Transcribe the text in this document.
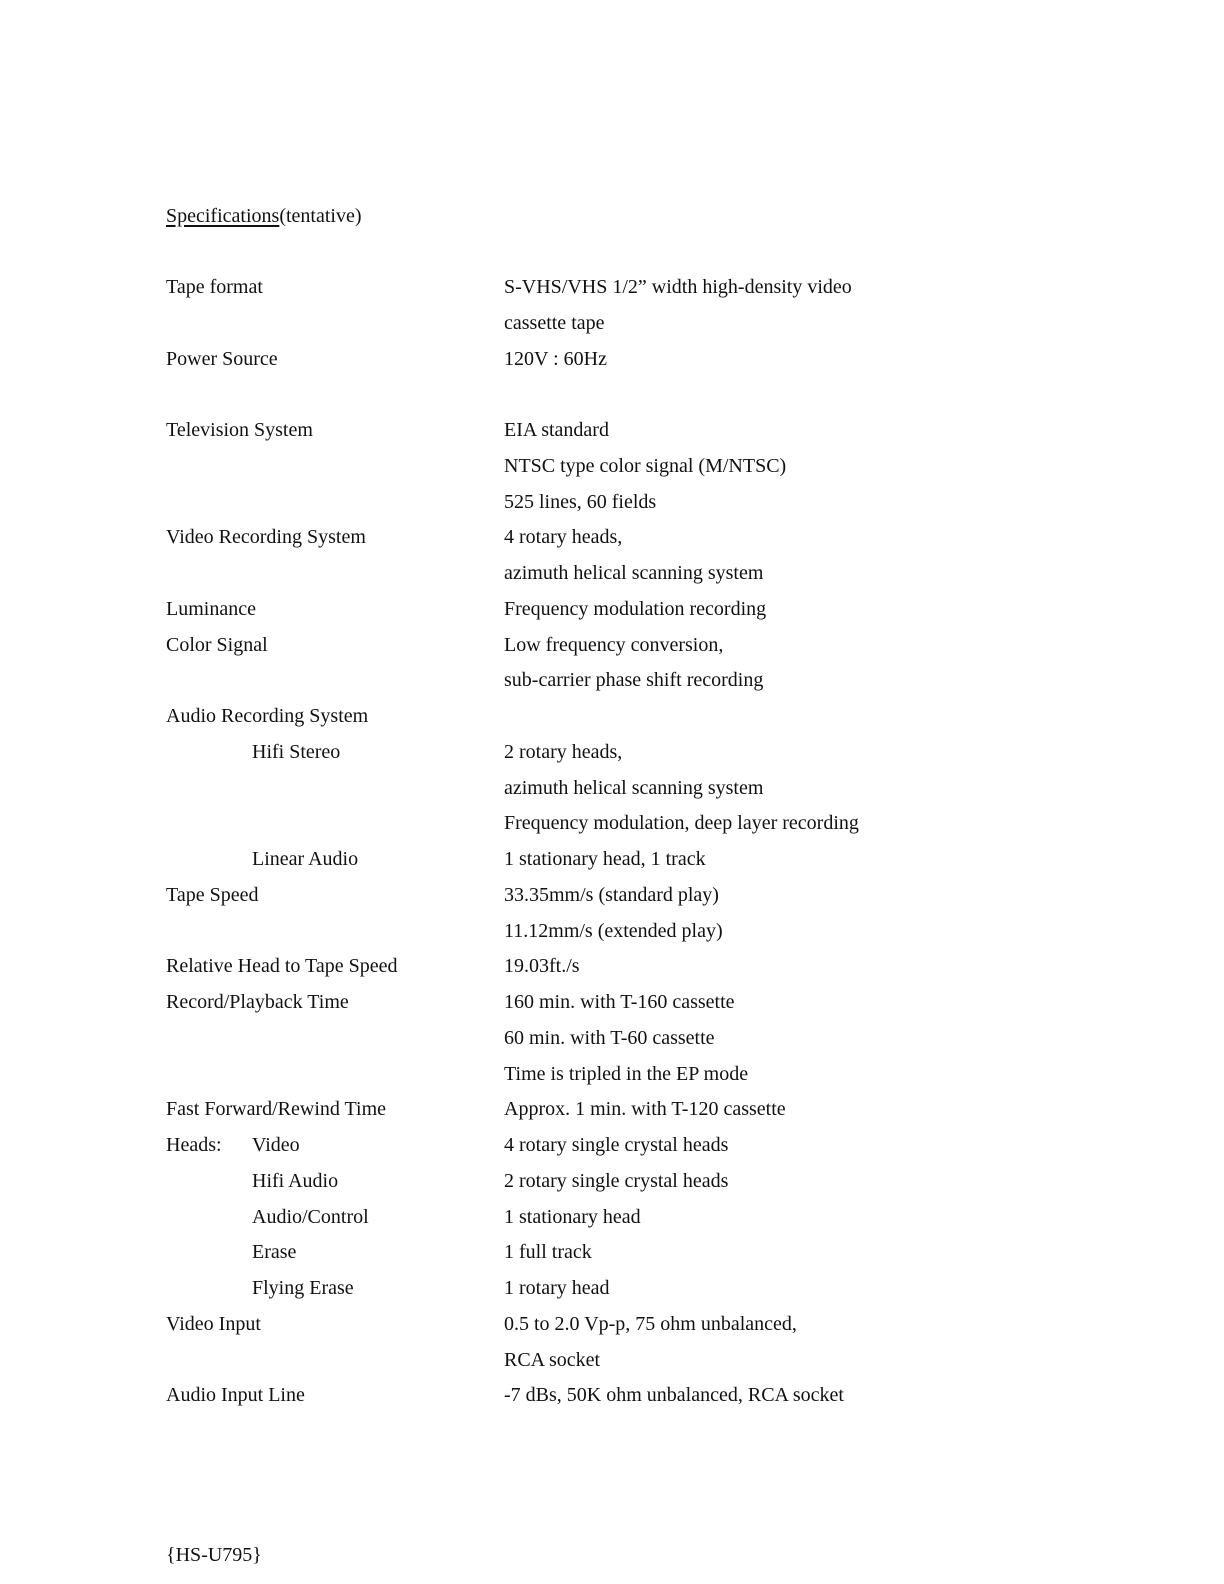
Specifications(tentative)
Tape format	S-VHS/VHS 1/2” width high-density video
cassette tape
Power Source	120V : 60Hz
Television System	EIA standard
NTSC type color signal (M/NTSC)
525 lines, 60 fields
Video Recording System	4 rotary heads,
azimuth helical scanning system
Luminance	Frequency modulation recording
Color Signal	Low frequency conversion,
sub-carrier phase shift recording
Audio Recording System
Hifi Stereo	2 rotary heads,
azimuth helical scanning system
Frequency modulation, deep layer recording
Linear Audio	1 stationary head, 1 track
Tape Speed	33.35mm/s (standard play)
11.12mm/s (extended play)
Relative Head to Tape Speed	19.03ft./s
Record/Playback Time	160 min. with T-160 cassette
60 min. with T-60 cassette
Time is tripled in the EP mode
Fast Forward/Rewind Time	Approx. 1 min. with T-120 cassette
Heads: Video	4 rotary single crystal heads
Hifi Audio	2 rotary single crystal heads
Audio/Control	1 stationary head
Erase	1 full track
Flying Erase	1 rotary head
Video Input	0.5 to 2.0 Vp-p, 75 ohm unbalanced,
RCA socket
Audio Input Line	-7 dBs, 50K ohm unbalanced, RCA socket
{HS-U795}
